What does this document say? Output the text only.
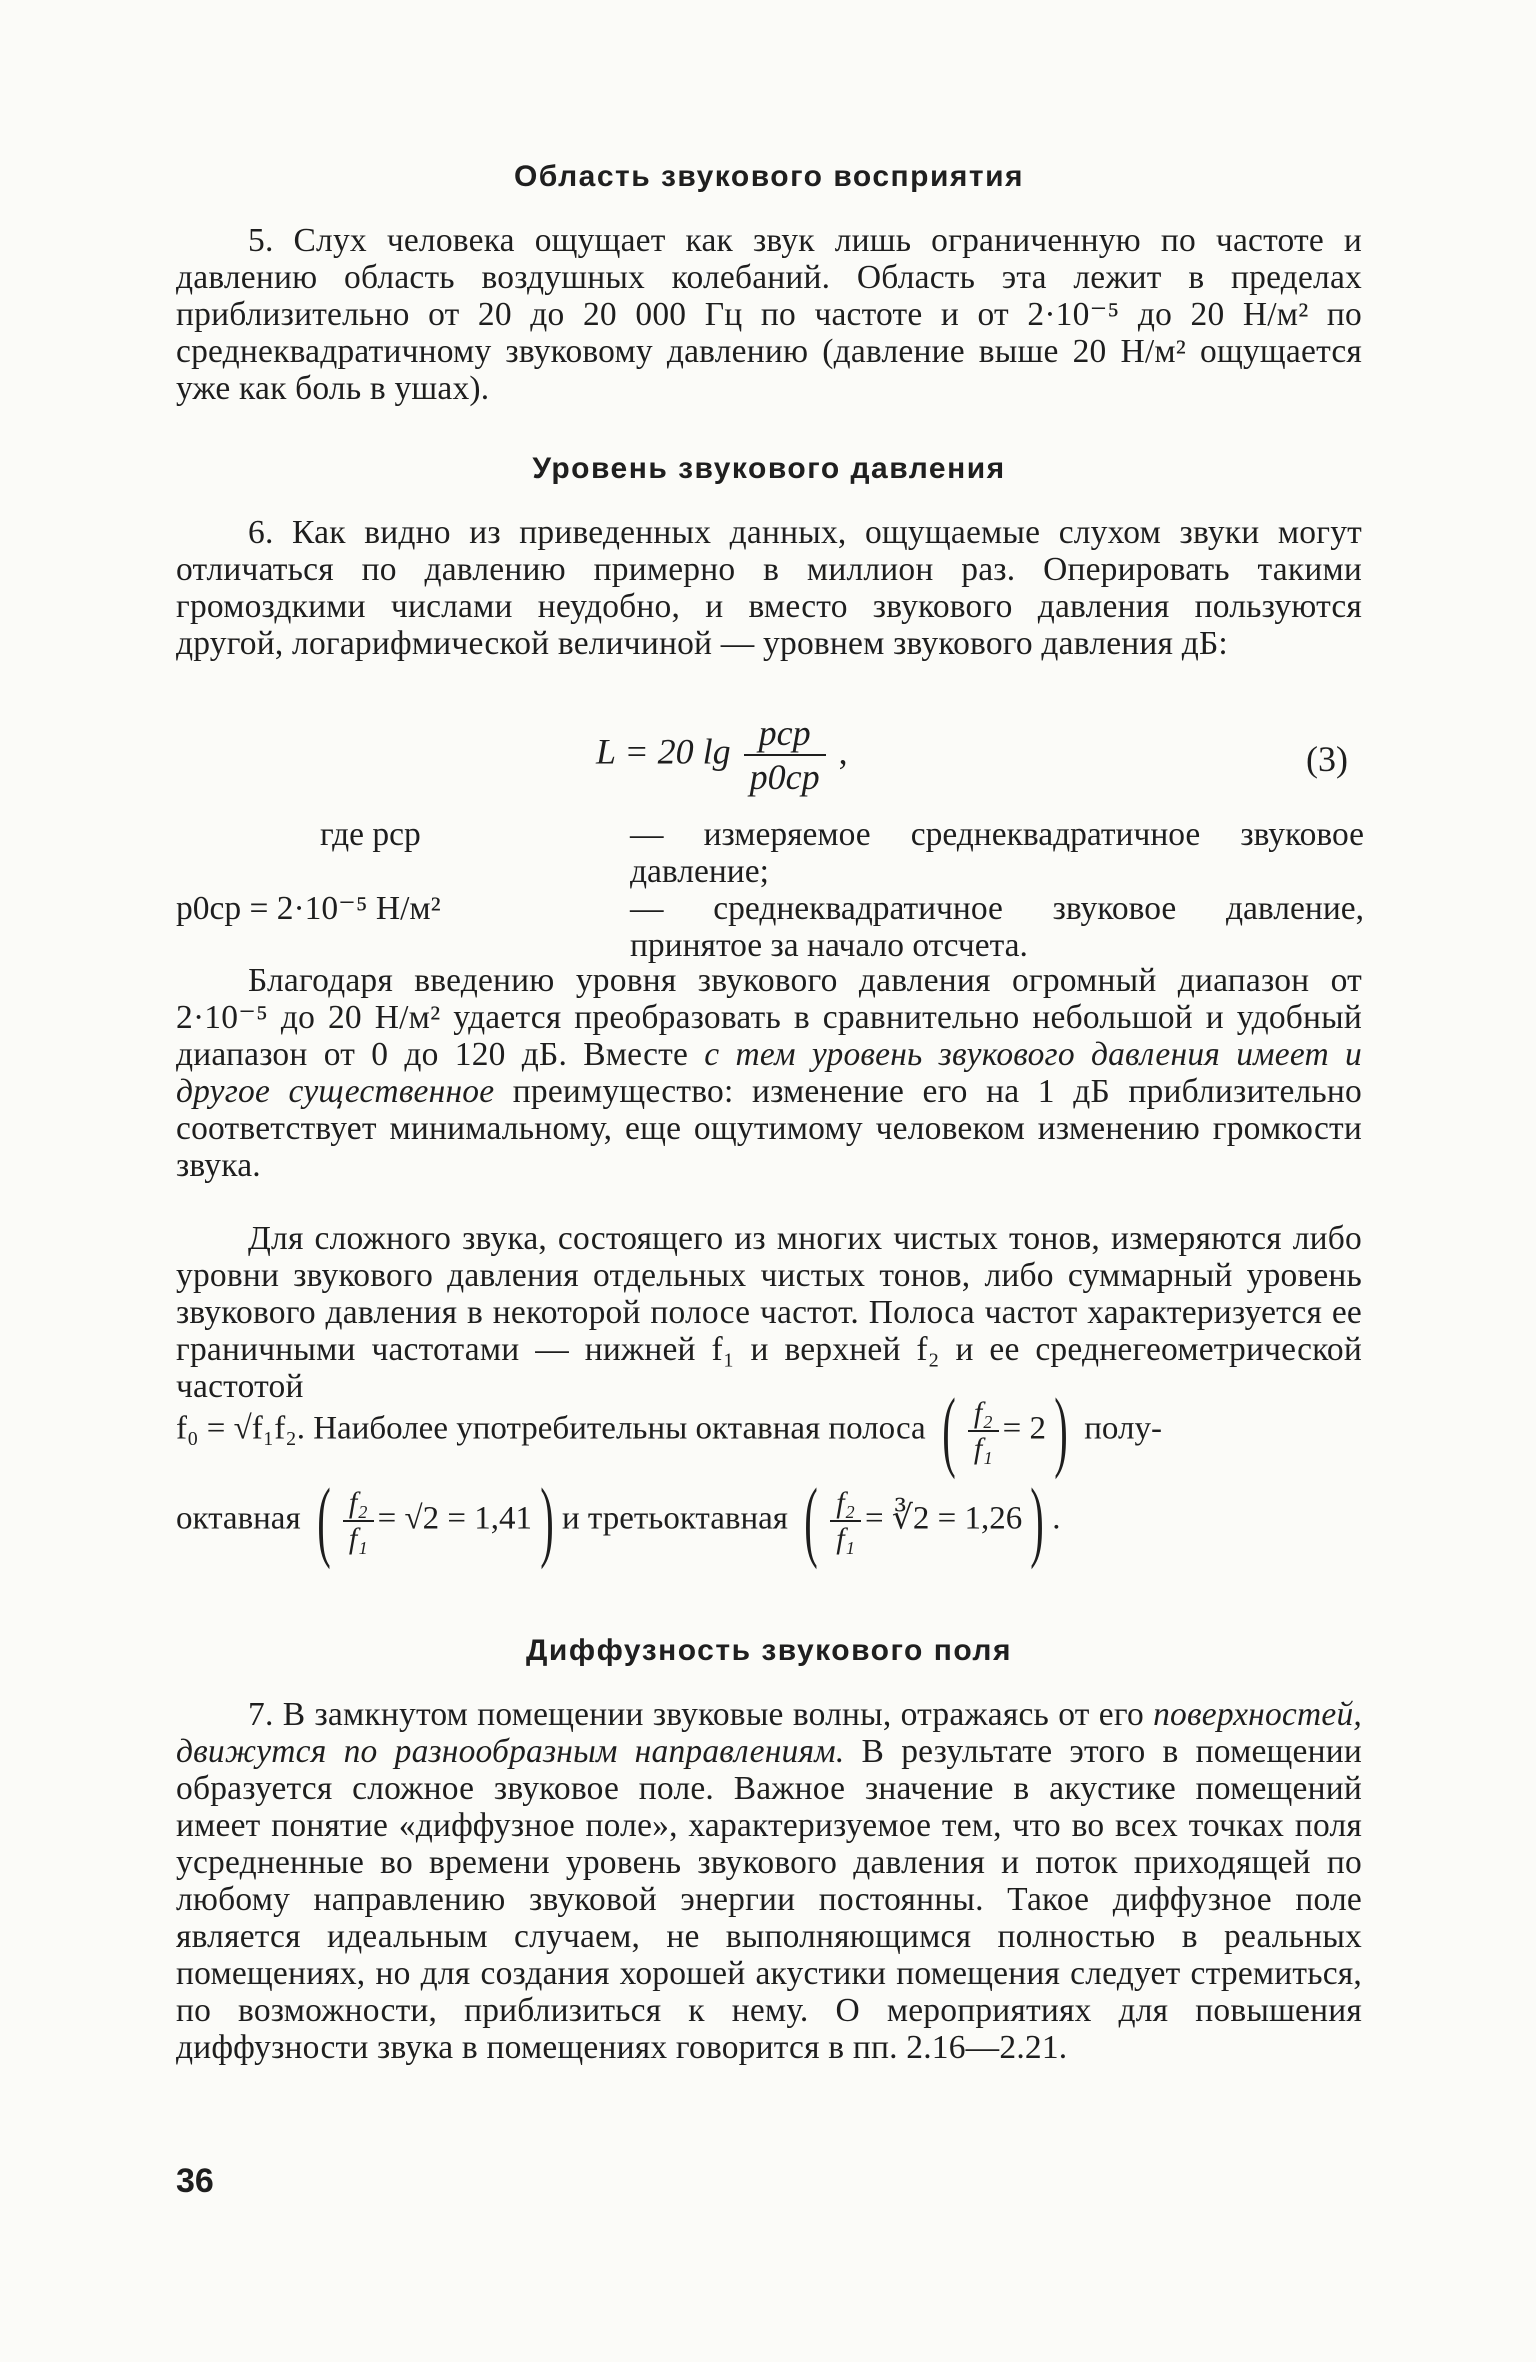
Область звукового восприятия

5. Слух человека ощущает как звук лишь ограниченную по частоте и давлению область воздушных колебаний. Область эта лежит в пределах приблизительно от 20 до 20 000 Гц по частоте и от 2·10⁻⁵ до 20 Н/м² по среднеквадратичному звуковому давлению (давление выше 20 Н/м² ощущается уже как боль в ушах).

Уровень звукового давления

6. Как видно из приведенных данных, ощущаемые слухом звуки могут отличаться по давлению примерно в миллион раз. Оперировать такими громоздкими числами неудобно, и вместо звукового давления пользуются другой, логарифмической величиной — уровнем звукового давления дБ:

L = 20 $\lg \frac{\text{pср}}{p0ср}$ ,	(3)
где pср	— измеряемое среднеквадратичное звуковое давление;
p0ср = 2·10⁻⁵ Н/м²	— среднеквадратичное звуковое давление, принятое за начало отсчета.

Благодаря введению уровня звукового давления огромный диапазон от 2·10⁻⁵ до 20 Н/м² удается преобразовать в сравнительно небольшой и удобный диапазон от 0 до 120 дБ. Вместе с тем уровень звукового давления имеет и другое существенное преимущество: изменение его на 1 дБ приблизительно соответствует минимальному, еще ощутимому человеком изменению громкости звука.

Для сложного звука, состоящего из многих чистых тонов, измеряются либо уровни звукового давления отдельных чистых тонов, либо суммарный уровень звукового давления в некоторой полосе частот. Полоса частот характеризуется ее граничными частотами — нижней f₁ и верхней f₂ и ее среднегеометрической частотой

f₀ = √f₁f₂. Наиболее употребительны октавная полоса ( $\frac{\text{f₂}}{\text{f₁}} = 2$) полу-
октавная ( $\frac{\text{f₂}}{\text{f₁}} = √2 = 1,41$) и третьоктавная ( $\frac{\text{f₂}}{\text{f₁}}$ = ∛2 = 1,26) .
Диффузность звукового поля

7. В замкнутом помещении звуковые волны, отражаясь от его поверхностей, движутся по разнообразным направлениям. В результате этого в помещении образуется сложное звуковое поле. Важное значение в акустике помещений имеет понятие «диффузное поле», характеризуемое тем, что во всех точках поля усредненные во времени уровень звукового давления и поток приходящей по любому направлению звуковой энергии постоянны. Такое диффузное поле является идеальным случаем, не выполняющимся полностью в реальных помещениях, но для создания хорошей акустики помещения следует стремиться, по возможности, приблизиться к нему. О мероприятиях для повышения диффузности звука в помещениях говорится в пп. 2.16—2.21.

36
